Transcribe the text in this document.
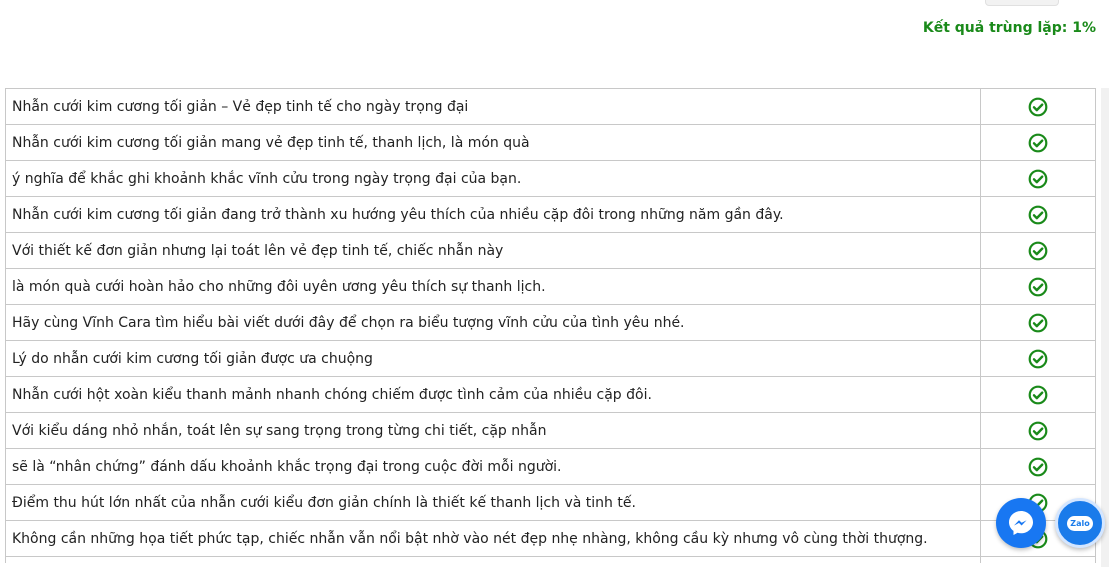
Kết quả trùng lặp: 1%
Nhẫn cưới kim cương tối giản – Vẻ đẹp tinh tế cho ngày trọng đại	
Nhẫn cưới kim cương tối giản mang vẻ đẹp tinh tế, thanh lịch, là món quà	
ý nghĩa để khắc ghi khoảnh khắc vĩnh cửu trong ngày trọng đại của bạn.	
Nhẫn cưới kim cương tối giản đang trở thành xu hướng yêu thích của nhiều cặp đôi trong những năm gần đây.	
Với thiết kế đơn giản nhưng lại toát lên vẻ đẹp tinh tế, chiếc nhẫn này	
là món quà cưới hoàn hảo cho những đôi uyên ương yêu thích sự thanh lịch.	
Hãy cùng Vĩnh Cara tìm hiểu bài viết dưới đây để chọn ra biểu tượng vĩnh cửu của tình yêu nhé.	
Lý do nhẫn cưới kim cương tối giản được ưa chuộng	
Nhẫn cưới hột xoàn kiểu thanh mảnh nhanh chóng chiếm được tình cảm của nhiều cặp đôi.	
Với kiểu dáng nhỏ nhắn, toát lên sự sang trọng trong từng chi tiết, cặp nhẫn	
sẽ là “nhân chứng” đánh dấu khoảnh khắc trọng đại trong cuộc đời mỗi người.	
Điểm thu hút lớn nhất của nhẫn cưới kiểu đơn giản chính là thiết kế thanh lịch và tinh tế.	
Không cần những họa tiết phức tạp, chiếc nhẫn vẫn nổi bật nhờ vào nét đẹp nhẹ nhàng, không cầu kỳ nhưng vô cùng thời thượng.	

Zalo
